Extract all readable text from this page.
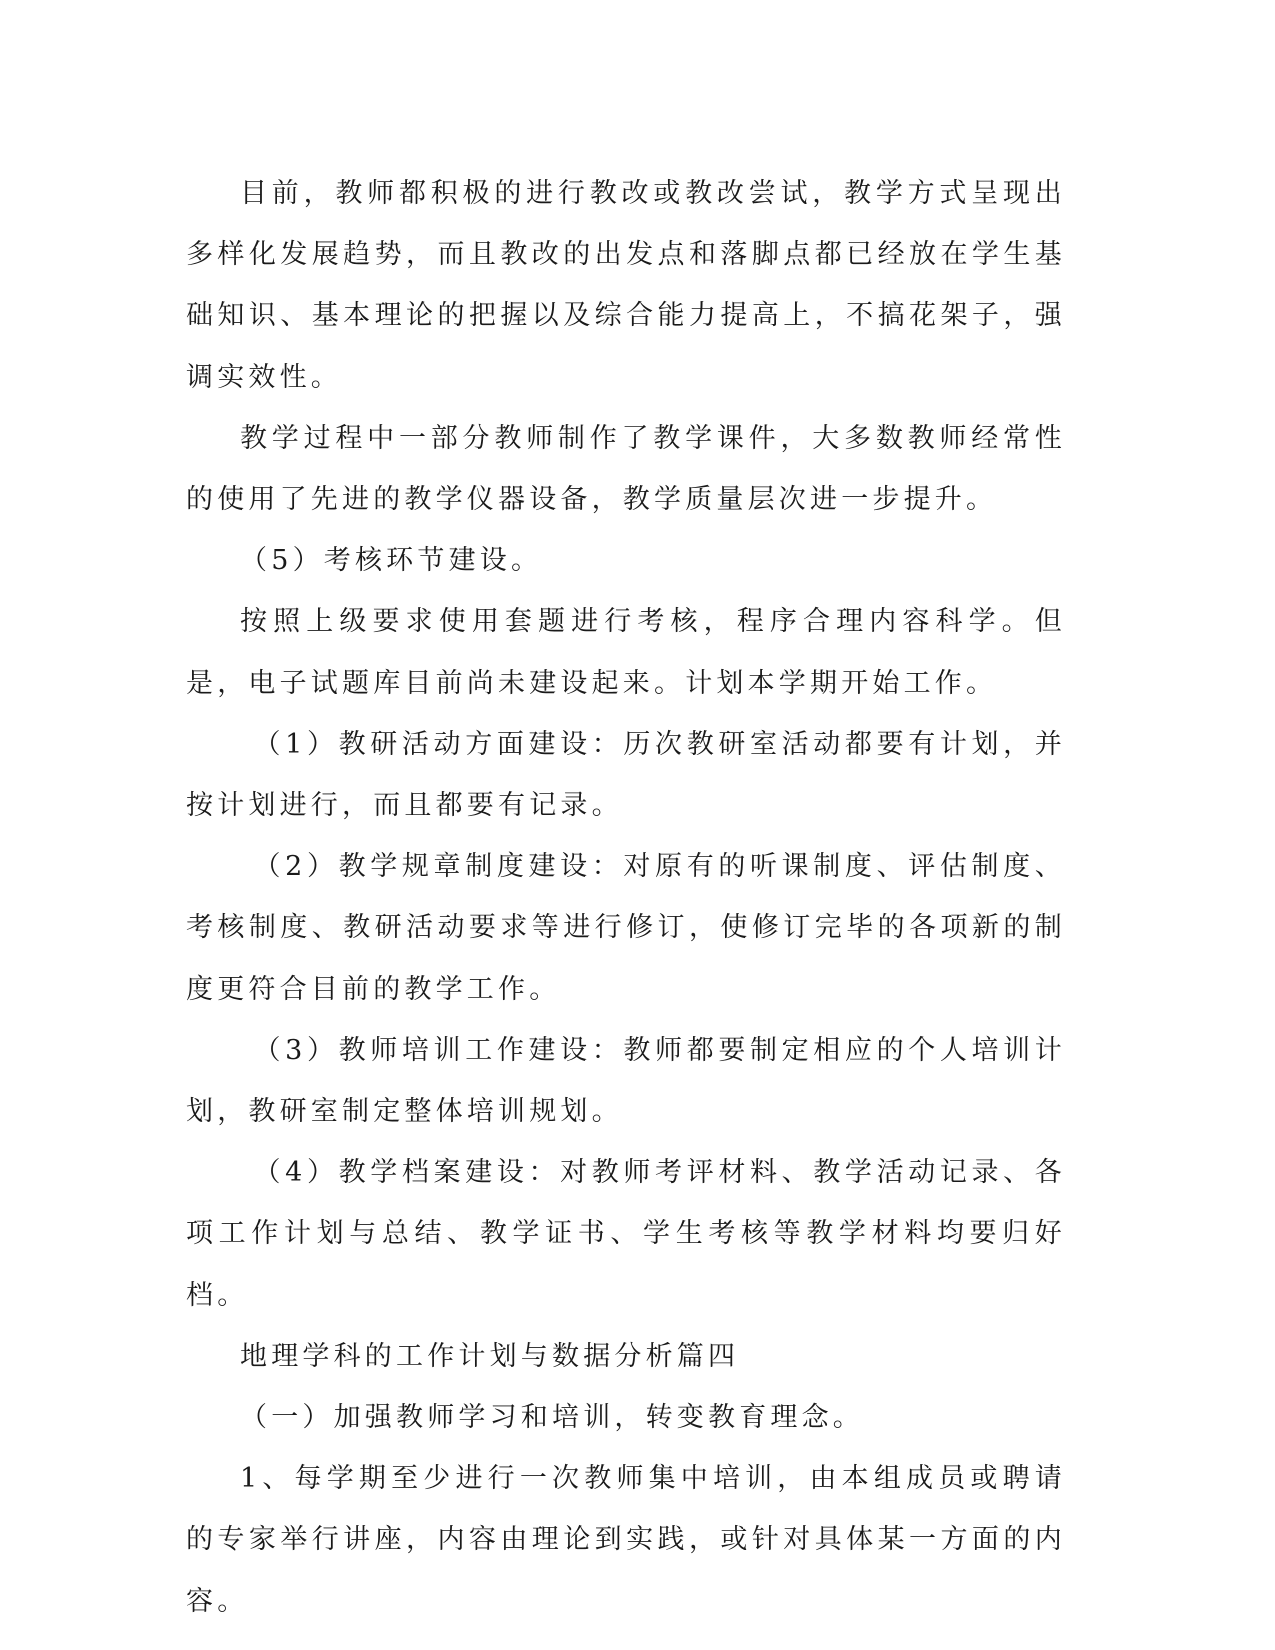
目前，教师都积极的进行教改或教改尝试，教学方式呈现出多样化发展趋势，而且教改的出发点和落脚点都已经放在学生基础知识、基本理论的把握以及综合能力提高上，不搞花架子，强调实效性。

教学过程中一部分教师制作了教学课件，大多数教师经常性的使用了先进的教学仪器设备，教学质量层次进一步提升。

（5）考核环节建设。

按照上级要求使用套题进行考核，程序合理内容科学。但是，电子试题库目前尚未建设起来。计划本学期开始工作。

（1）教研活动方面建设：历次教研室活动都要有计划，并按计划进行，而且都要有记录。

（2）教学规章制度建设：对原有的听课制度、评估制度、考核制度、教研活动要求等进行修订，使修订完毕的各项新的制度更符合目前的教学工作。

（3）教师培训工作建设：教师都要制定相应的个人培训计划，教研室制定整体培训规划。

（4）教学档案建设：对教师考评材料、教学活动记录、各项工作计划与总结、教学证书、学生考核等教学材料均要归好档。

地理学科的工作计划与数据分析篇四

（一）加强教师学习和培训，转变教育理念。

1、每学期至少进行一次教师集中培训，由本组成员或聘请的专家举行讲座，内容由理论到实践，或针对具体某一方面的内容。
